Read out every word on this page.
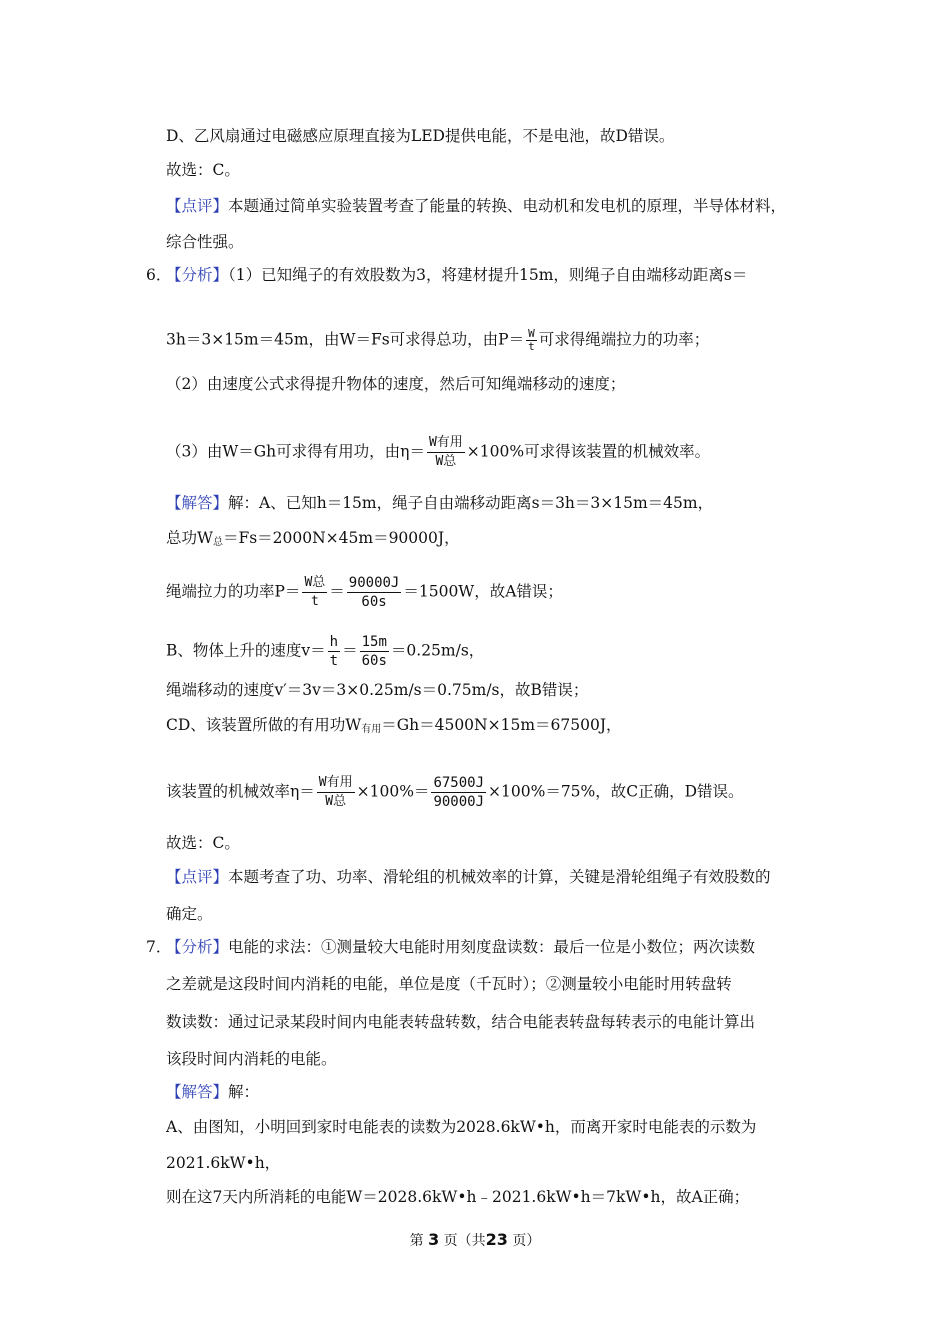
D、乙风扇通过电磁感应原理直接为LED提供电能，不是电池，故D错误。
故选：C。
【点评】本题通过简单实验装置考查了能量的转换、电动机和发电机的原理，半导体材料，
综合性强。
6．
【分析】（1）已知绳子的有效股数为3，将建材提升15m，则绳子自由端移动距离s＝
3h＝3×15m＝45m，由W＝Fs可求得总功，由$P= \frac{W}{t}$ 可求得绳端拉力的功率；
（2）由速度公式求得提升物体的速度，然后可知绳端移动的速度；
（3）由W＝Gh可求得有用功，由$\eta= \frac{\text{W有用}}{\text{W总}} \times 100\%$可求得该装置的机械效率。
【解答】解：A、已知h＝15m，绳子自由端移动距离s＝3h＝3×15m＝45m，
总功$W_总=Fs=2000N\times 45m=90000J$，
绳端拉力的功率$P= \frac{\text{W总}}{t} = \frac{90000J}{60s} =1500W$，故A错误；
B、物体上升的速度$v= \frac{h}{t} = \frac{15m}{60s} =0.25m/s$，
绳端移动的速度v′＝3v＝3×0.25m/s＝0.75m/s，故B错误；
CD、该装置所做的有用功$W_{有用}=Gh=4500N\times 15m=67500J$，
该装置的机械效率$\eta= \frac{\text{W有用}}{\text{W总}} \times 100\%= \frac{67500J}{90000J} \times 100\%=75\%$，故C正确，D错误。
故选：C。
【点评】本题考查了功、功率、滑轮组的机械效率的计算，关键是滑轮组绳子有效股数的
确定。
7．
【分析】电能的求法：①测量较大电能时用刻度盘读数：最后一位是小数位；两次读数
之差就是这段时间内消耗的电能，单位是度（千瓦时）；②测量较小电能时用转盘转
数读数：通过记录某段时间内电能表转盘转数，结合电能表转盘每转表示的电能计算出
该段时间内消耗的电能。
【解答】解：
A、由图知，小明回到家时电能表的读数为2028.6kW•h，而离开家时电能表的示数为
2021.6kW•h，
则在这7天内所消耗的电能W＝2028.6kW•h﹣2021.6kW•h＝7kW•h，故A正确；
第 3 页（共23 页）
